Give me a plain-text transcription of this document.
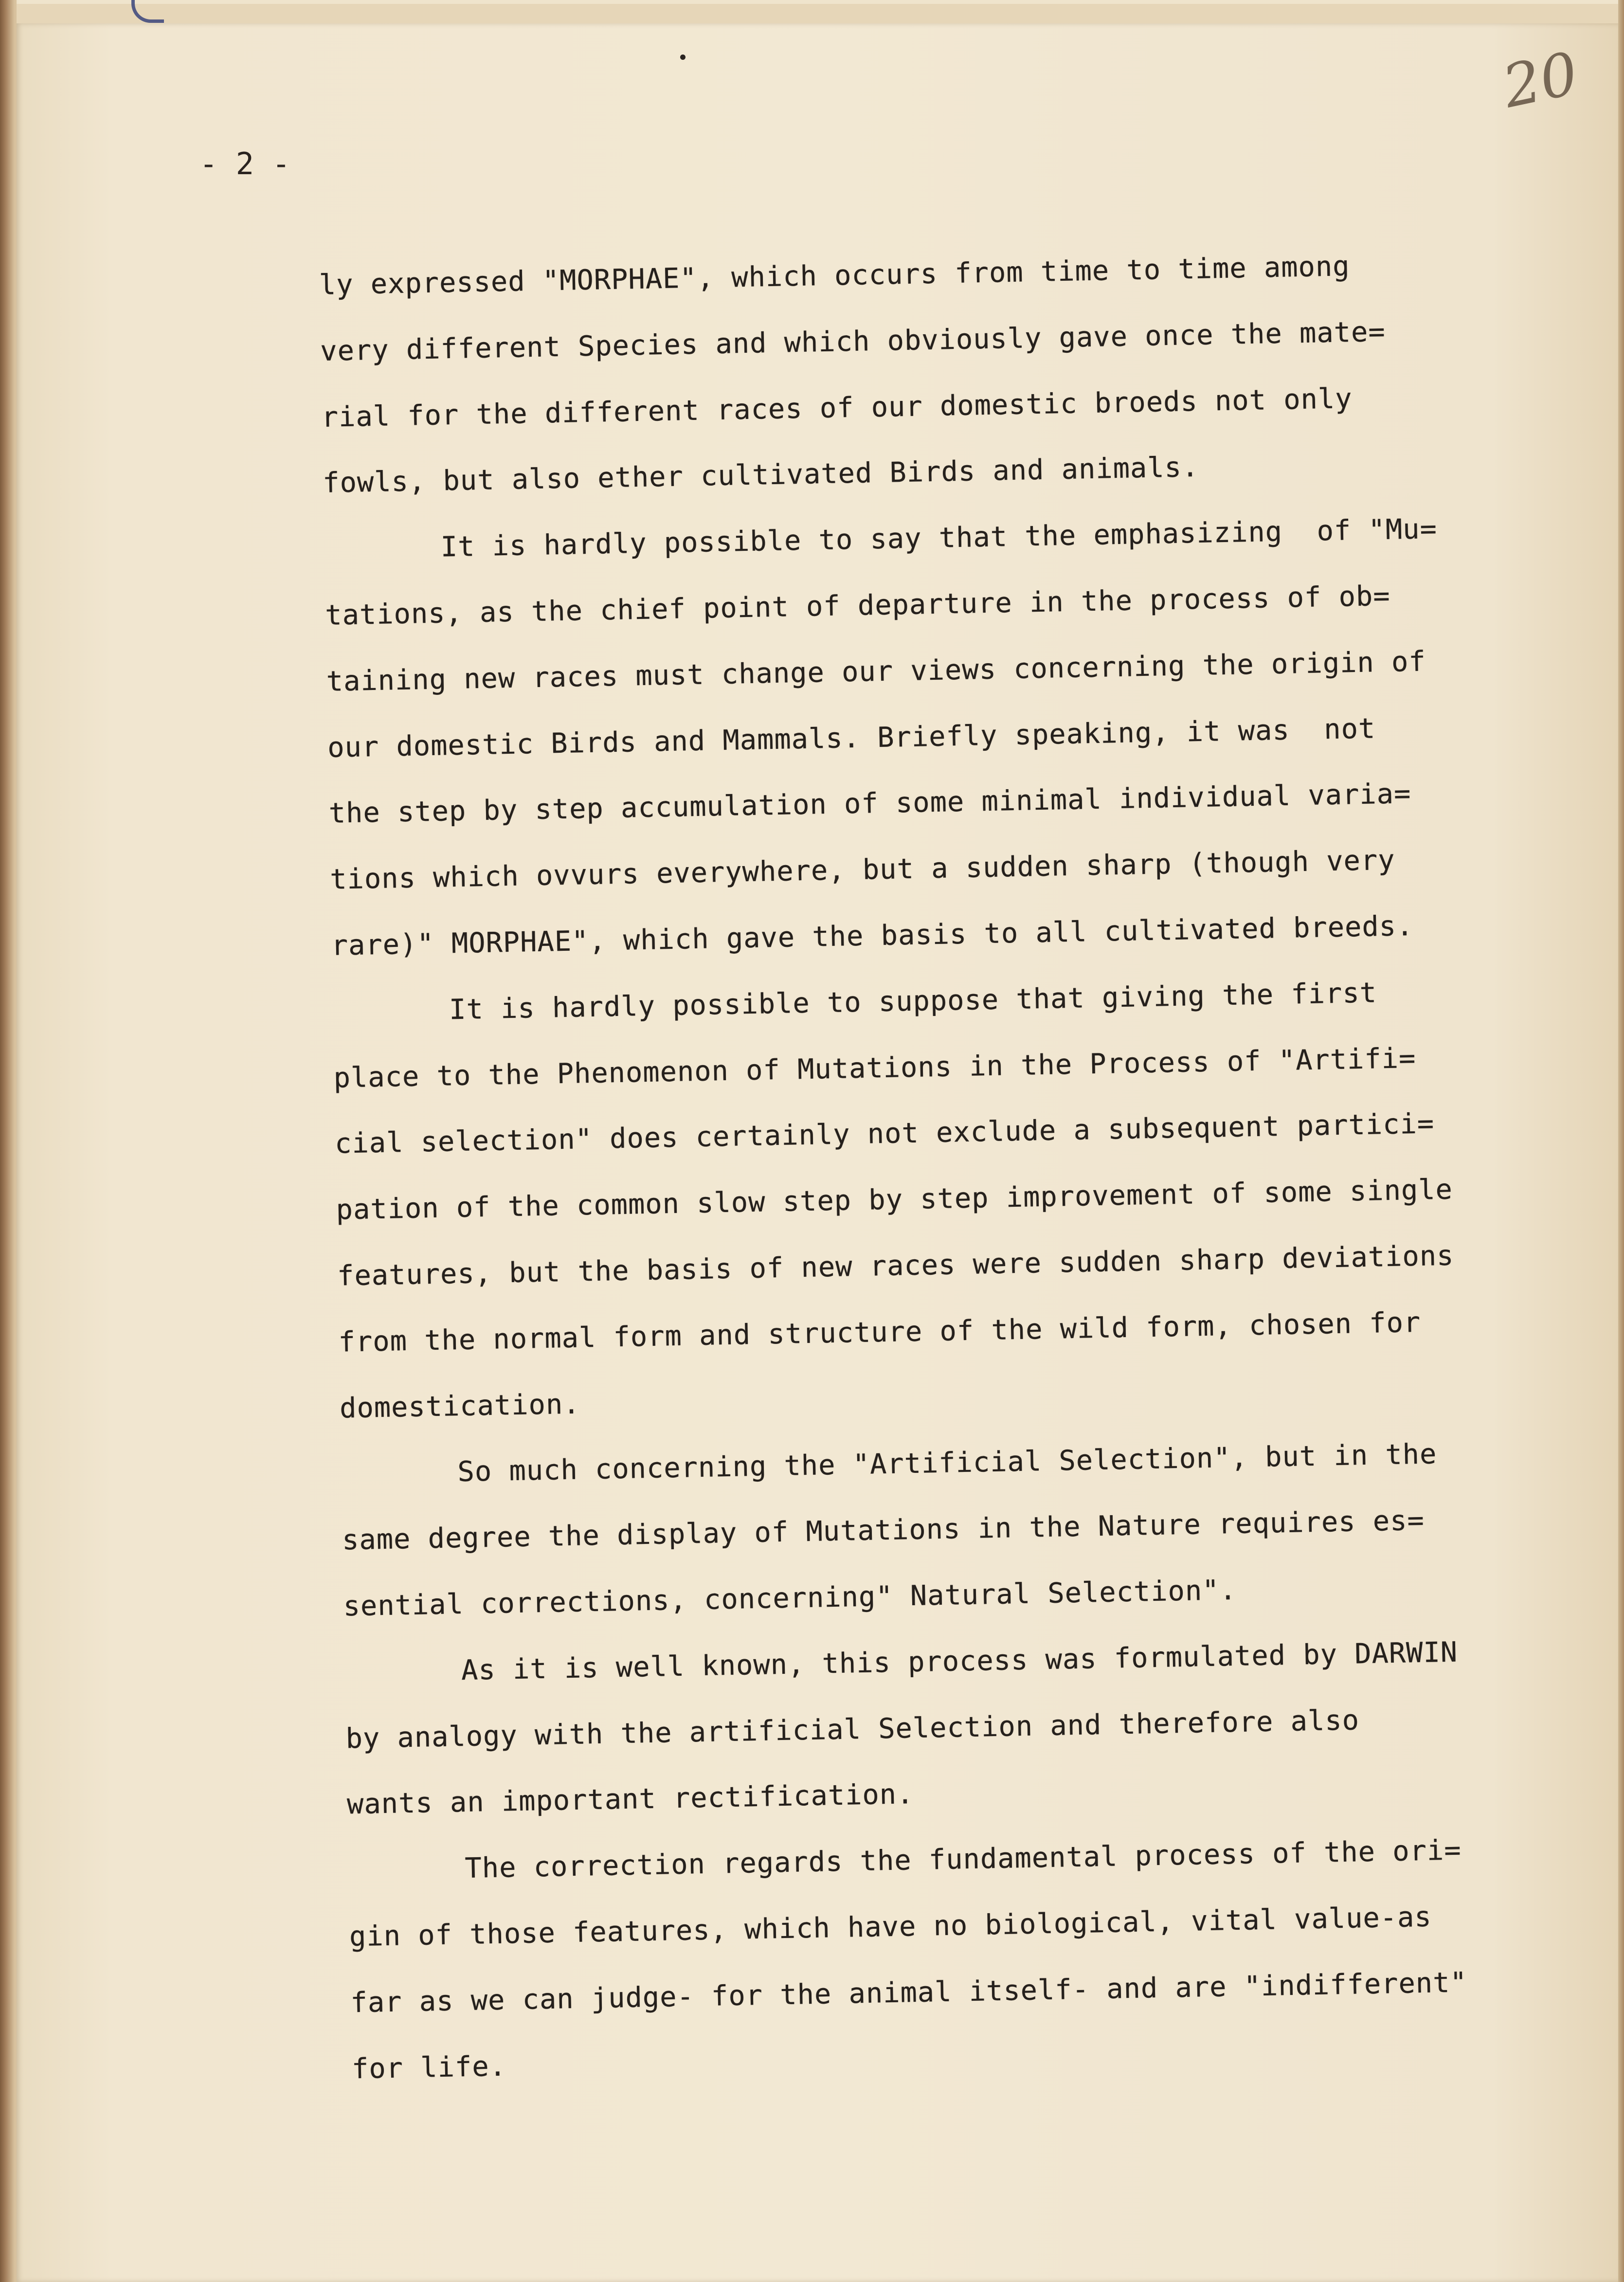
20
- 2 -
ly expressed "MORPHAE", which occurs from time to time among
very different Species and which obviously gave once the mate=
rial for the different races of our domestic broeds not only
fowls, but also ether cultivated Birds and animals.
It is hardly possible to say that the emphasizing  of "Mu=
tations, as the chief point of departure in the process of ob=
taining new races must change our views concerning the origin of
our domestic Birds and Mammals. Briefly speaking, it was  not
the step by step accumulation of some minimal individual varia=
tions which ovvurs everywhere, but a sudden sharp (though very
rare)" MORPHAE", which gave the basis to all cultivated breeds.
It is hardly possible to suppose that giving the first
place to the Phenomenon of Mutations in the Process of "Artifi=
cial selection" does certainly not exclude a subsequent partici=
pation of the common slow step by step improvement of some single
features, but the basis of new races were sudden sharp deviations
from the normal form and structure of the wild form, chosen for
domestication.
So much concerning the "Artificial Selection", but in the
same degree the display of Mutations in the Nature requires es=
sential corrections, concerning" Natural Selection".
As it is well known, this process was formulated by DARWIN
by analogy with the artificial Selection and therefore also
wants an important rectification.
The correction regards the fundamental process of the ori=
gin of those features, which have no biological, vital value-as
far as we can judge- for the animal itself- and are "indifferent"
for life.
